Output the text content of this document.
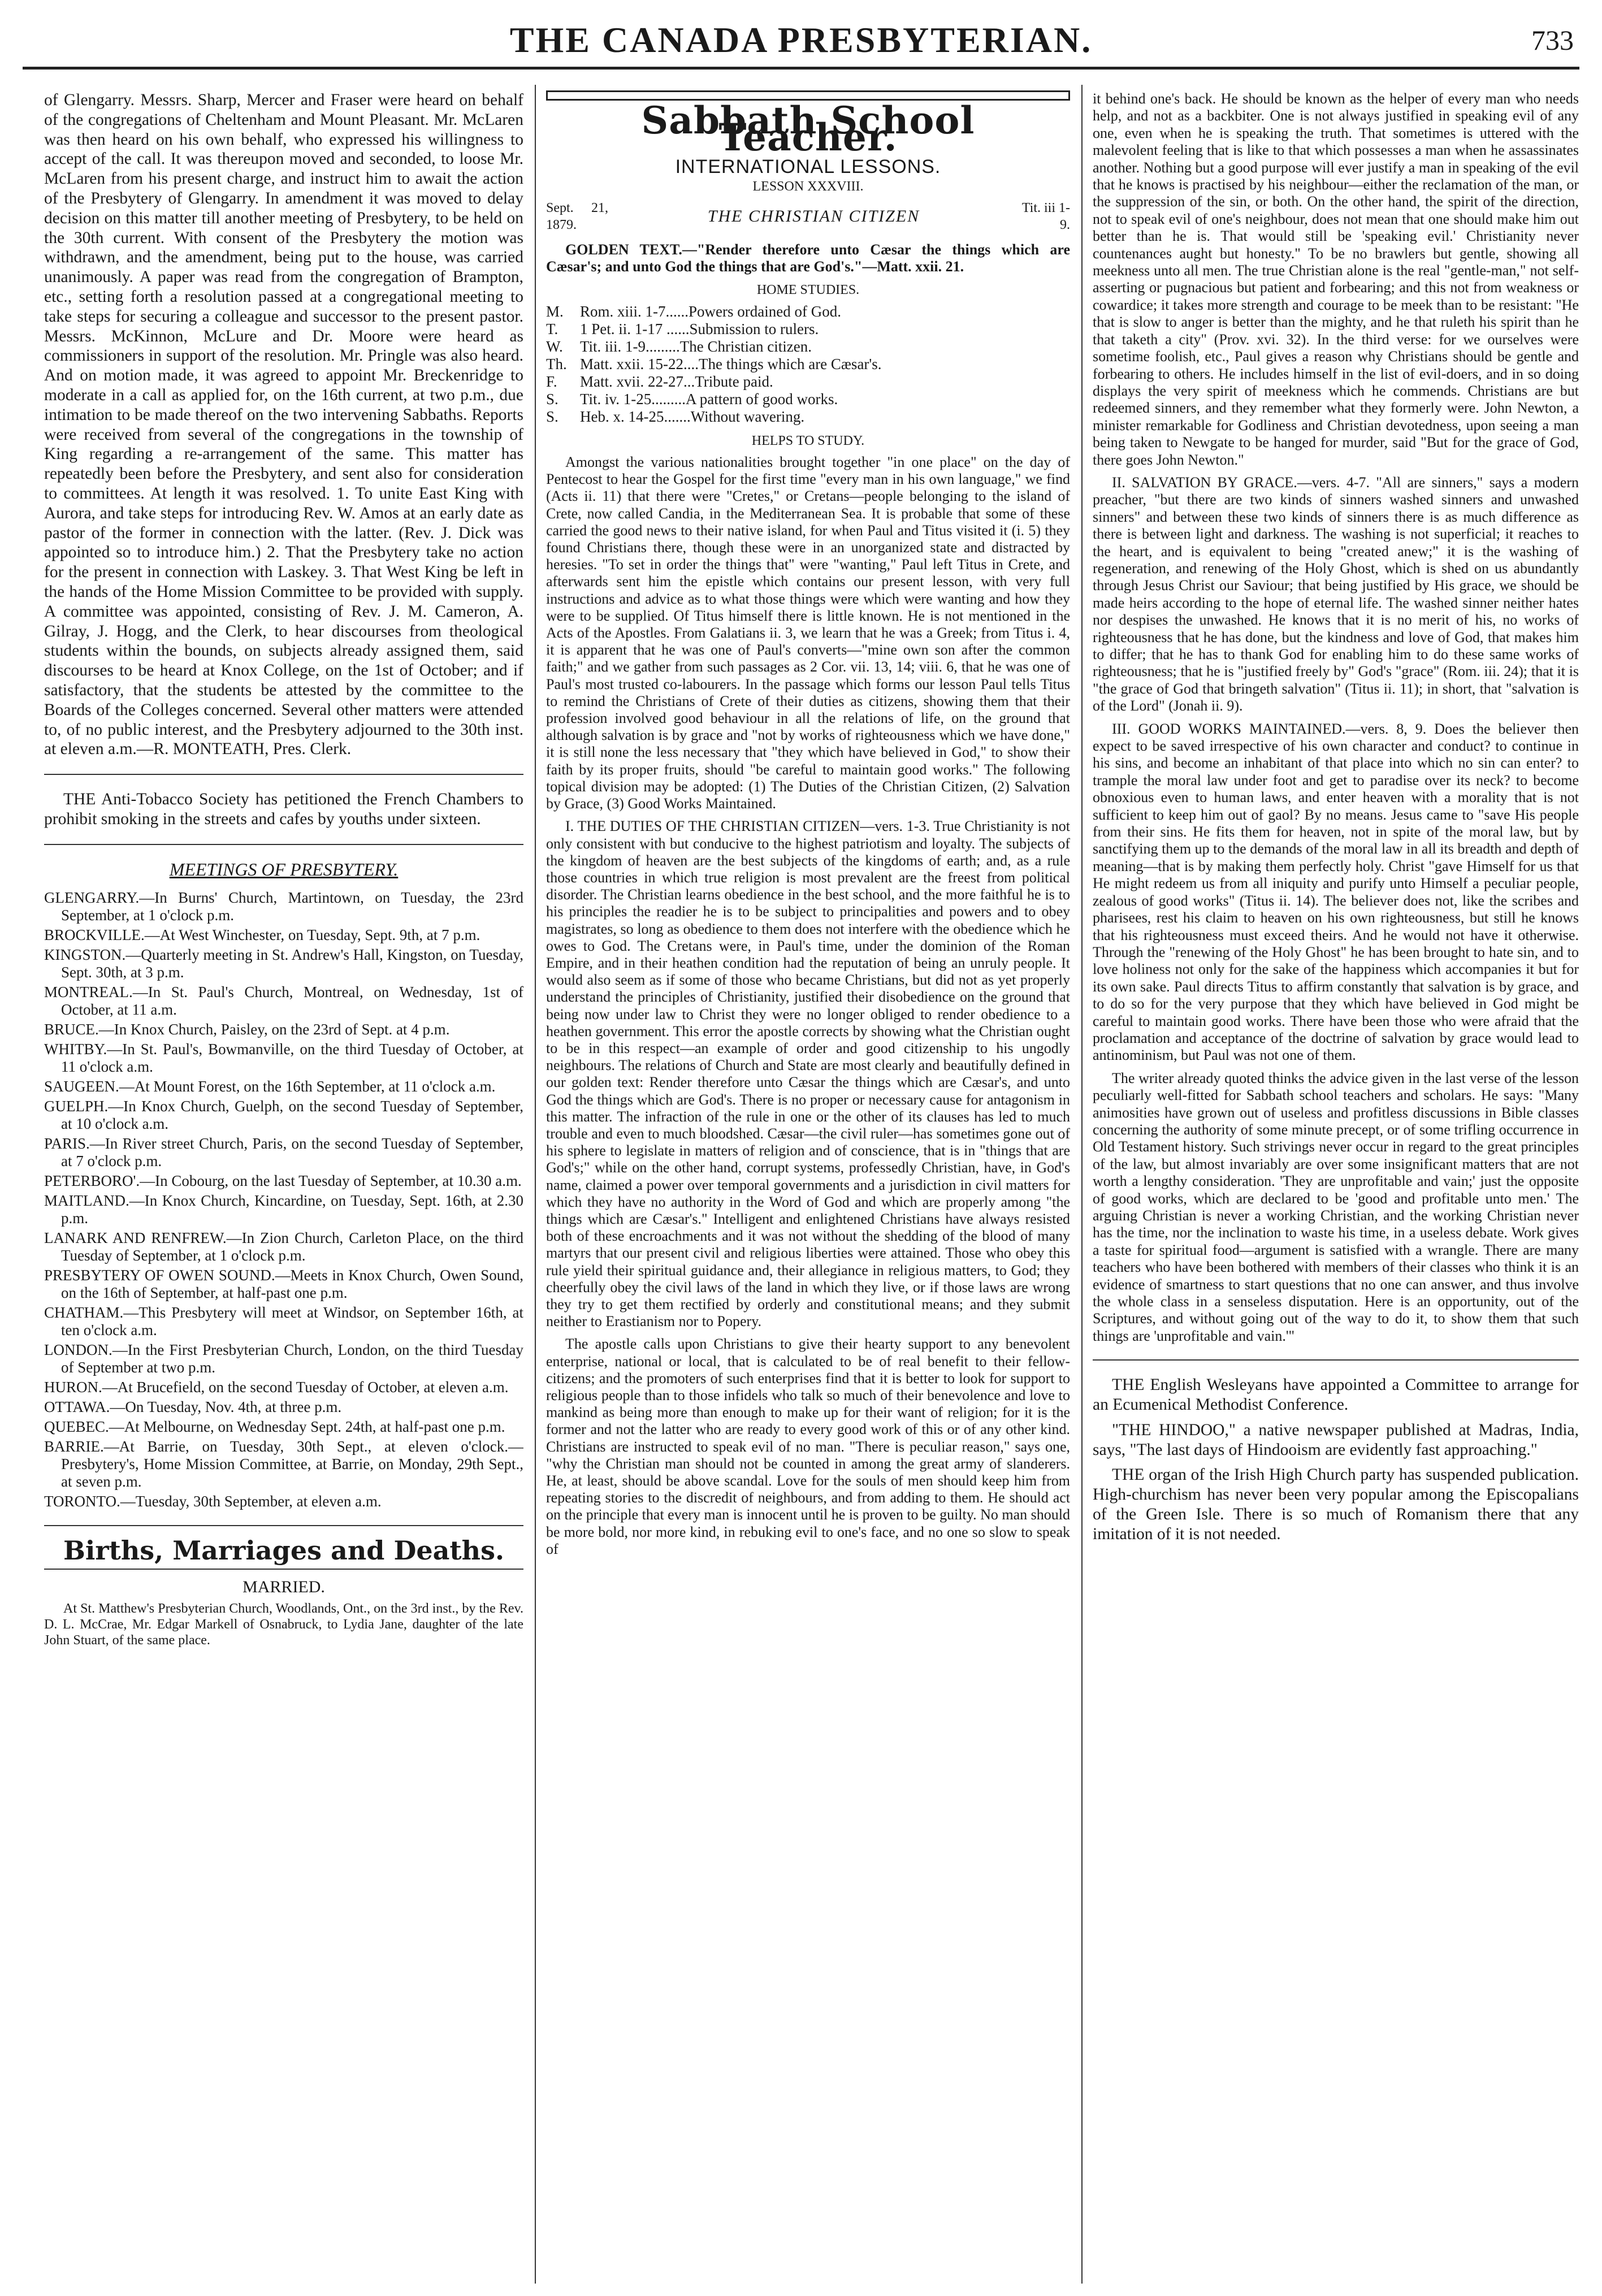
THE CANADA PRESBYTERIAN.	733

of Glengarry. Messrs. Sharp, Mercer and Fraser were heard on behalf of the congregations of Cheltenham and Mount Pleasant. Mr. McLaren was then heard on his own behalf, who expressed his willingness to accept of the call. It was thereupon moved and seconded, to loose Mr. McLaren from his present charge, and instruct him to await the action of the Presbytery of Glengarry. In amendment it was moved to delay decision on this matter till another meeting of Presbytery, to be held on the 30th current. With consent of the Presbytery the motion was withdrawn, and the amendment, being put to the house, was carried unanimously. A paper was read from the congregation of Brampton, etc., setting forth a resolution passed at a congregational meeting to take steps for securing a colleague and successor to the present pastor. Messrs. McKinnon, McLure and Dr. Moore were heard as commissioners in support of the resolution. Mr. Pringle was also heard. And on motion made, it was agreed to appoint Mr. Breckenridge to moderate in a call as applied for, on the 16th current, at two p.m., due intimation to be made thereof on the two intervening Sabbaths. Reports were received from several of the congregations in the township of King regarding a re-arrangement of the same. This matter has repeatedly been before the Presbytery, and sent also for consideration to committees. At length it was resolved. 1. To unite East King with Aurora, and take steps for introducing Rev. W. Amos at an early date as pastor of the former in connection with the latter. (Rev. J. Dick was appointed so to introduce him.) 2. That the Presbytery take no action for the present in connection with Laskey. 3. That West King be left in the hands of the Home Mission Committee to be provided with supply. A committee was appointed, consisting of Rev. J. M. Cameron, A. Gilray, J. Hogg, and the Clerk, to hear discourses from theological students within the bounds, on subjects already assigned them, said discourses to be heard at Knox College, on the 1st of October; and if satisfactory, that the students be attested by the committee to the Boards of the Colleges concerned. Several other matters were attended to, of no public interest, and the Presbytery adjourned to the 30th inst. at eleven a.m.—R. MONTEATH, Pres. Clerk.

THE Anti-Tobacco Society has petitioned the French Chambers to prohibit smoking in the streets and cafes by youths under sixteen.

MEETINGS OF PRESBYTERY.

GLENGARRY.—In Burns' Church, Martintown, on Tuesday, the 23rd September, at 1 o'clock p.m.

BROCKVILLE.—At West Winchester, on Tuesday, Sept. 9th, at 7 p.m.

KINGSTON.—Quarterly meeting in St. Andrew's Hall, Kingston, on Tuesday, Sept. 30th, at 3 p.m.

MONTREAL.—In St. Paul's Church, Montreal, on Wednesday, 1st of October, at 11 a.m.

BRUCE.—In Knox Church, Paisley, on the 23rd of Sept. at 4 p.m.

WHITBY.—In St. Paul's, Bowmanville, on the third Tuesday of October, at 11 o'clock a.m.

SAUGEEN.—At Mount Forest, on the 16th September, at 11 o'clock a.m.

GUELPH.—In Knox Church, Guelph, on the second Tuesday of September, at 10 o'clock a.m.

PARIS.—In River street Church, Paris, on the second Tuesday of September, at 7 o'clock p.m.

PETERBORO'.—In Cobourg, on the last Tuesday of September, at 10.30 a.m.

MAITLAND.—In Knox Church, Kincardine, on Tuesday, Sept. 16th, at 2.30 p.m.

LANARK AND RENFREW.—In Zion Church, Carleton Place, on the third Tuesday of September, at 1 o'clock p.m.

PRESBYTERY OF OWEN SOUND.—Meets in Knox Church, Owen Sound, on the 16th of September, at half-past one p.m.

CHATHAM.—This Presbytery will meet at Windsor, on September 16th, at ten o'clock a.m.

LONDON.—In the First Presbyterian Church, London, on the third Tuesday of September at two p.m.

HURON.—At Brucefield, on the second Tuesday of October, at eleven a.m.

OTTAWA.—On Tuesday, Nov. 4th, at three p.m.

QUEBEC.—At Melbourne, on Wednesday Sept. 24th, at half-past one p.m.

BARRIE.—At Barrie, on Tuesday, 30th Sept., at eleven o'clock.—Presbytery's, Home Mission Committee, at Barrie, on Monday, 29th Sept., at seven p.m.

TORONTO.—Tuesday, 30th September, at eleven a.m.

Births, Marriages and Deaths.
MARRIED.

At St. Matthew's Presbyterian Church, Woodlands, Ont., on the 3rd inst., by the Rev. D. L. McCrae, Mr. Edgar Markell of Osnabruck, to Lydia Jane, daughter of the late John Stuart, of the same place.

Sabbath School Teacher.
INTERNATIONAL LESSONS.
LESSON XXXVIII.
Sept. 21, 1879.	THE CHRISTIAN CITIZEN	Tit. iii 1-9.

GOLDEN TEXT.—"Render therefore unto Cæsar the things which are Cæsar's; and unto God the things that are God's."—Matt. xxii. 21.

HOME STUDIES.
M.	Rom. xiii. 1-7......Powers ordained of God.
T.	1 Pet. ii. 1-17 ......Submission to rulers.
W.	Tit. iii. 1-9.........The Christian citizen.
Th. Matt. xxii. 15-22....The things which are Cæsar's.
F.	Matt. xvii. 22-27...Tribute paid.
S.	Tit. iv. 1-25.........A pattern of good works.
S.	Heb. x. 14-25.......Without wavering.
HELPS TO STUDY.

Amongst the various nationalities brought together "in one place" on the day of Pentecost to hear the Gospel for the first time "every man in his own language," we find (Acts ii. 11) that there were "Cretes," or Cretans—people belonging to the island of Crete, now called Candia, in the Mediterranean Sea. It is probable that some of these carried the good news to their native island, for when Paul and Titus visited it (i. 5) they found Christians there, though these were in an unorganized state and distracted by heresies. "To set in order the things that" were "wanting," Paul left Titus in Crete, and afterwards sent him the epistle which contains our present lesson, with very full instructions and advice as to what those things were which were wanting and how they were to be supplied. Of Titus himself there is little known. He is not mentioned in the Acts of the Apostles. From Galatians ii. 3, we learn that he was a Greek; from Titus i. 4, it is apparent that he was one of Paul's converts—"mine own son after the common faith;" and we gather from such passages as 2 Cor. vii. 13, 14; viii. 6, that he was one of Paul's most trusted co-labourers. In the passage which forms our lesson Paul tells Titus to remind the Christians of Crete of their duties as citizens, showing them that their profession involved good behaviour in all the relations of life, on the ground that although salvation is by grace and "not by works of righteousness which we have done," it is still none the less necessary that "they which have believed in God," to show their faith by its proper fruits, should "be careful to maintain good works." The following topical division may be adopted: (1) The Duties of the Christian Citizen, (2) Salvation by Grace, (3) Good Works Maintained.

I. THE DUTIES OF THE CHRISTIAN CITIZEN—vers. 1-3. True Christianity is not only consistent with but conducive to the highest patriotism and loyalty. The subjects of the kingdom of heaven are the best subjects of the kingdoms of earth; and, as a rule those countries in which true religion is most prevalent are the freest from political disorder. The Christian learns obedience in the best school, and the more faithful he is to his principles the readier he is to be subject to principalities and powers and to obey magistrates, so long as obedience to them does not interfere with the obedience which he owes to God. The Cretans were, in Paul's time, under the dominion of the Roman Empire, and in their heathen condition had the reputation of being an unruly people. It would also seem as if some of those who became Christians, but did not as yet properly understand the principles of Christianity, justified their disobedience on the ground that being now under law to Christ they were no longer obliged to render obedience to a heathen government. This error the apostle corrects by showing what the Christian ought to be in this respect—an example of order and good citizenship to his ungodly neighbours. The relations of Church and State are most clearly and beautifully defined in our golden text: Render therefore unto Cæsar the things which are Cæsar's, and unto God the things which are God's. There is no proper or necessary cause for antagonism in this matter. The infraction of the rule in one or the other of its clauses has led to much trouble and even to much bloodshed. Cæsar—the civil ruler—has sometimes gone out of his sphere to legislate in matters of religion and of conscience, that is in "things that are God's;" while on the other hand, corrupt systems, professedly Christian, have, in God's name, claimed a power over temporal governments and a jurisdiction in civil matters for which they have no authority in the Word of God and which are properly among "the things which are Cæsar's." Intelligent and enlightened Christians have always resisted both of these encroachments and it was not without the shedding of the blood of many martyrs that our present civil and religious liberties were attained. Those who obey this rule yield their spiritual guidance and, their allegiance in religious matters, to God; they cheerfully obey the civil laws of the land in which they live, or if those laws are wrong they try to get them rectified by orderly and constitutional means; and they submit neither to Erastianism nor to Popery.

The apostle calls upon Christians to give their hearty support to any benevolent enterprise, national or local, that is calculated to be of real benefit to their fellow-citizens; and the promoters of such enterprises find that it is better to look for support to religious people than to those infidels who talk so much of their benevolence and love to mankind as being more than enough to make up for their want of religion; for it is the former and not the latter who are ready to every good work of this or of any other kind. Christians are instructed to speak evil of no man. "There is peculiar reason," says one, "why the Christian man should not be counted in among the great army of slanderers. He, at least, should be above scandal. Love for the souls of men should keep him from repeating stories to the discredit of neighbours, and from adding to them. He should act on the principle that every man is innocent until he is proven to be guilty. No man should be more bold, nor more kind, in rebuking evil to one's face, and no one so slow to speak of

it behind one's back. He should be known as the helper of every man who needs help, and not as a backbiter. One is not always justified in speaking evil of any one, even when he is speaking the truth. That sometimes is uttered with the malevolent feeling that is like to that which possesses a man when he assassinates another. Nothing but a good purpose will ever justify a man in speaking of the evil that he knows is practised by his neighbour—either the reclamation of the man, or the suppression of the sin, or both. On the other hand, the spirit of the direction, not to speak evil of one's neighbour, does not mean that one should make him out better than he is. That would still be 'speaking evil.' Christianity never countenances aught but honesty." To be no brawlers but gentle, showing all meekness unto all men. The true Christian alone is the real "gentle-man," not self-asserting or pugnacious but patient and forbearing; and this not from weakness or cowardice; it takes more strength and courage to be meek than to be resistant: "He that is slow to anger is better than the mighty, and he that ruleth his spirit than he that taketh a city" (Prov. xvi. 32). In the third verse: for we ourselves were sometime foolish, etc., Paul gives a reason why Christians should be gentle and forbearing to others. He includes himself in the list of evil-doers, and in so doing displays the very spirit of meekness which he commends. Christians are but redeemed sinners, and they remember what they formerly were. John Newton, a minister remarkable for Godliness and Christian devotedness, upon seeing a man being taken to Newgate to be hanged for murder, said "But for the grace of God, there goes John Newton."

II. SALVATION BY GRACE.—vers. 4-7. "All are sinners," says a modern preacher, "but there are two kinds of sinners washed sinners and unwashed sinners" and between these two kinds of sinners there is as much difference as there is between light and darkness. The washing is not superficial; it reaches to the heart, and is equivalent to being "created anew;" it is the washing of regeneration, and renewing of the Holy Ghost, which is shed on us abundantly through Jesus Christ our Saviour; that being justified by His grace, we should be made heirs according to the hope of eternal life. The washed sinner neither hates nor despises the unwashed. He knows that it is no merit of his, no works of righteousness that he has done, but the kindness and love of God, that makes him to differ; that he has to thank God for enabling him to do these same works of righteousness; that he is "justified freely by" God's "grace" (Rom. iii. 24); that it is "the grace of God that bringeth salvation" (Titus ii. 11); in short, that "salvation is of the Lord" (Jonah ii. 9).

III. GOOD WORKS MAINTAINED.—vers. 8, 9. Does the believer then expect to be saved irrespective of his own character and conduct? to continue in his sins, and become an inhabitant of that place into which no sin can enter? to trample the moral law under foot and get to paradise over its neck? to become obnoxious even to human laws, and enter heaven with a morality that is not sufficient to keep him out of gaol? By no means. Jesus came to "save His people from their sins. He fits them for heaven, not in spite of the moral law, but by sanctifying them up to the demands of the moral law in all its breadth and depth of meaning—that is by making them perfectly holy. Christ "gave Himself for us that He might redeem us from all iniquity and purify unto Himself a peculiar people, zealous of good works" (Titus ii. 14). The believer does not, like the scribes and pharisees, rest his claim to heaven on his own righteousness, but still he knows that his righteousness must exceed theirs. And he would not have it otherwise. Through the "renewing of the Holy Ghost" he has been brought to hate sin, and to love holiness not only for the sake of the happiness which accompanies it but for its own sake. Paul directs Titus to affirm constantly that salvation is by grace, and to do so for the very purpose that they which have believed in God might be careful to maintain good works. There have been those who were afraid that the proclamation and acceptance of the doctrine of salvation by grace would lead to antinominism, but Paul was not one of them.

The writer already quoted thinks the advice given in the last verse of the lesson peculiarly well-fitted for Sabbath school teachers and scholars. He says: "Many animosities have grown out of useless and profitless discussions in Bible classes concerning the authority of some minute precept, or of some trifling occurrence in Old Testament history. Such strivings never occur in regard to the great principles of the law, but almost invariably are over some insignificant matters that are not worth a lengthy consideration. 'They are unprofitable and vain;' just the opposite of good works, which are declared to be 'good and profitable unto men.' The arguing Christian is never a working Christian, and the working Christian never has the time, nor the inclination to waste his time, in a useless debate. Work gives a taste for spiritual food—argument is satisfied with a wrangle. There are many teachers who have been bothered with members of their classes who think it is an evidence of smartness to start questions that no one can answer, and thus involve the whole class in a senseless disputation. Here is an opportunity, out of the Scriptures, and without going out of the way to do it, to show them that such things are 'unprofitable and vain.'"

THE English Wesleyans have appointed a Committee to arrange for an Ecumenical Methodist Conference.

"THE HINDOO," a native newspaper published at Madras, India, says, "The last days of Hindooism are evidently fast approaching."

THE organ of the Irish High Church party has suspended publication. High-churchism has never been very popular among the Episcopalians of the Green Isle. There is so much of Romanism there that any imitation of it is not needed.
